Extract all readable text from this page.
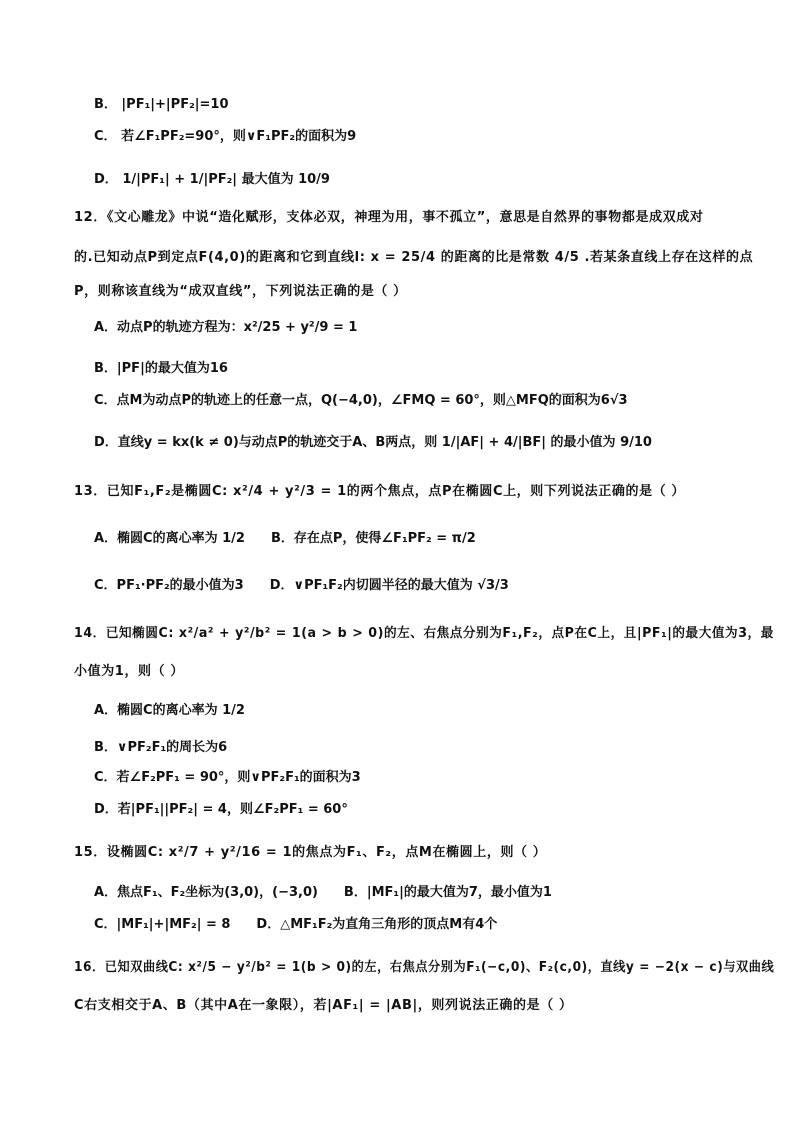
B． |PF₁|+|PF₂|=10
C． 若∠F₁PF₂=90°，则∨F₁PF₂的面积为9
D． 1/|PF₁| + 1/|PF₂| 最大值为 10/9
12．《文心雕龙》中说“造化赋形，支体必双，神理为用，事不孤立”，意思是自然界的事物都是成双成对
的.已知动点P到定点F(4,0)的距离和它到直线l: x = 25/4 的距离的比是常数 4/5 .若某条直线上存在这样的点
P，则称该直线为“成双直线”，下列说法正确的是（ ）
A．动点P的轨迹方程为：x²/25 + y²/9 = 1
B．|PF|的最大值为16
C．点M为动点P的轨迹上的任意一点，Q(−4,0)，∠FMQ = 60°，则△MFQ的面积为6√3
D．直线y = kx(k ≠ 0)与动点P的轨迹交于A、B两点，则 1/|AF| + 4/|BF| 的最小值为 9/10
13．已知F₁,F₂是椭圆C: x²/4 + y²/3 = 1的两个焦点，点P在椭圆C上，则下列说法正确的是（ ）
A．椭圆C的离心率为 1/2　　B．存在点P，使得∠F₁PF₂ = π/2
C．PF₁·PF₂的最小值为3　　D．∨PF₁F₂内切圆半径的最大值为 √3/3
14．已知椭圆C: x²/a² + y²/b² = 1(a > b > 0)的左、右焦点分别为F₁,F₂，点P在C上，且|PF₁|的最大值为3，最
小值为1，则（ ）
A．椭圆C的离心率为 1/2
B．∨PF₂F₁的周长为6
C．若∠F₂PF₁ = 90°，则∨PF₂F₁的面积为3
D．若|PF₁||PF₂| = 4，则∠F₂PF₁ = 60°
15．设椭圆C: x²/7 + y²/16 = 1的焦点为F₁、F₂，点M在椭圆上，则（ ）
A．焦点F₁、F₂坐标为(3,0)，(−3,0)　　B．|MF₁|的最大值为7，最小值为1
C．|MF₁|+|MF₂| = 8　　D．△MF₁F₂为直角三角形的顶点M有4个
16．已知双曲线C: x²/5 − y²/b² = 1(b > 0)的左，右焦点分别为F₁(−c,0)、F₂(c,0)，直线y = −2(x − c)与双曲线
C右支相交于A、B（其中A在一象限），若|AF₁| = |AB|，则列说法正确的是（ ）
